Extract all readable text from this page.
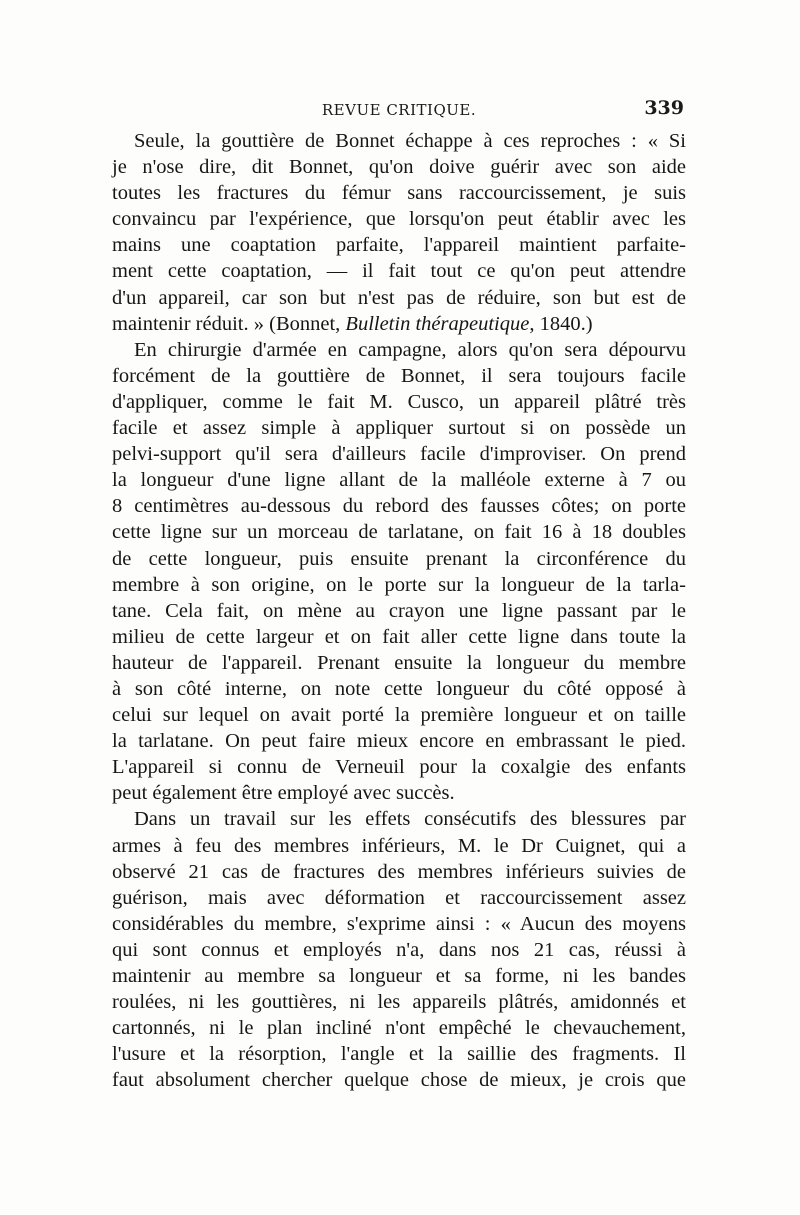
REVUE CRITIQUE.	339
Seule, la gouttière de Bonnet échappe à ces reproches : « Si
je n'ose dire, dit Bonnet, qu'on doive guérir avec son aide
toutes les fractures du fémur sans raccourcissement, je suis
convaincu par l'expérience, que lorsqu'on peut établir avec les
mains une coaptation parfaite, l'appareil maintient parfaite-
ment cette coaptation, — il fait tout ce qu'on peut attendre
d'un appareil, car son but n'est pas de réduire, son but est de
maintenir réduit. » (Bonnet, Bulletin thérapeutique, 1840.)
En chirurgie d'armée en campagne, alors qu'on sera dépourvu
forcément de la gouttière de Bonnet, il sera toujours facile
d'appliquer, comme le fait M. Cusco, un appareil plâtré très
facile et assez simple à appliquer surtout si on possède un
pelvi-support qu'il sera d'ailleurs facile d'improviser. On prend
la longueur d'une ligne allant de la malléole externe à 7 ou
8 centimètres au-dessous du rebord des fausses côtes; on porte
cette ligne sur un morceau de tarlatane, on fait 16 à 18 doubles
de cette longueur, puis ensuite prenant la circonférence du
membre à son origine, on le porte sur la longueur de la tarla-
tane. Cela fait, on mène au crayon une ligne passant par le
milieu de cette largeur et on fait aller cette ligne dans toute la
hauteur de l'appareil. Prenant ensuite la longueur du membre
à son côté interne, on note cette longueur du côté opposé à
celui sur lequel on avait porté la première longueur et on taille
la tarlatane. On peut faire mieux encore en embrassant le pied.
L'appareil si connu de Verneuil pour la coxalgie des enfants
peut également être employé avec succès.
Dans un travail sur les effets consécutifs des blessures par
armes à feu des membres inférieurs, M. le Dr Cuignet, qui a
observé 21 cas de fractures des membres inférieurs suivies de
guérison, mais avec déformation et raccourcissement assez
considérables du membre, s'exprime ainsi : « Aucun des moyens
qui sont connus et employés n'a, dans nos 21 cas, réussi à
maintenir au membre sa longueur et sa forme, ni les bandes
roulées, ni les gouttières, ni les appareils plâtrés, amidonnés et
cartonnés, ni le plan incliné n'ont empêché le chevauchement,
l'usure et la résorption, l'angle et la saillie des fragments. Il
faut absolument chercher quelque chose de mieux, je crois que
